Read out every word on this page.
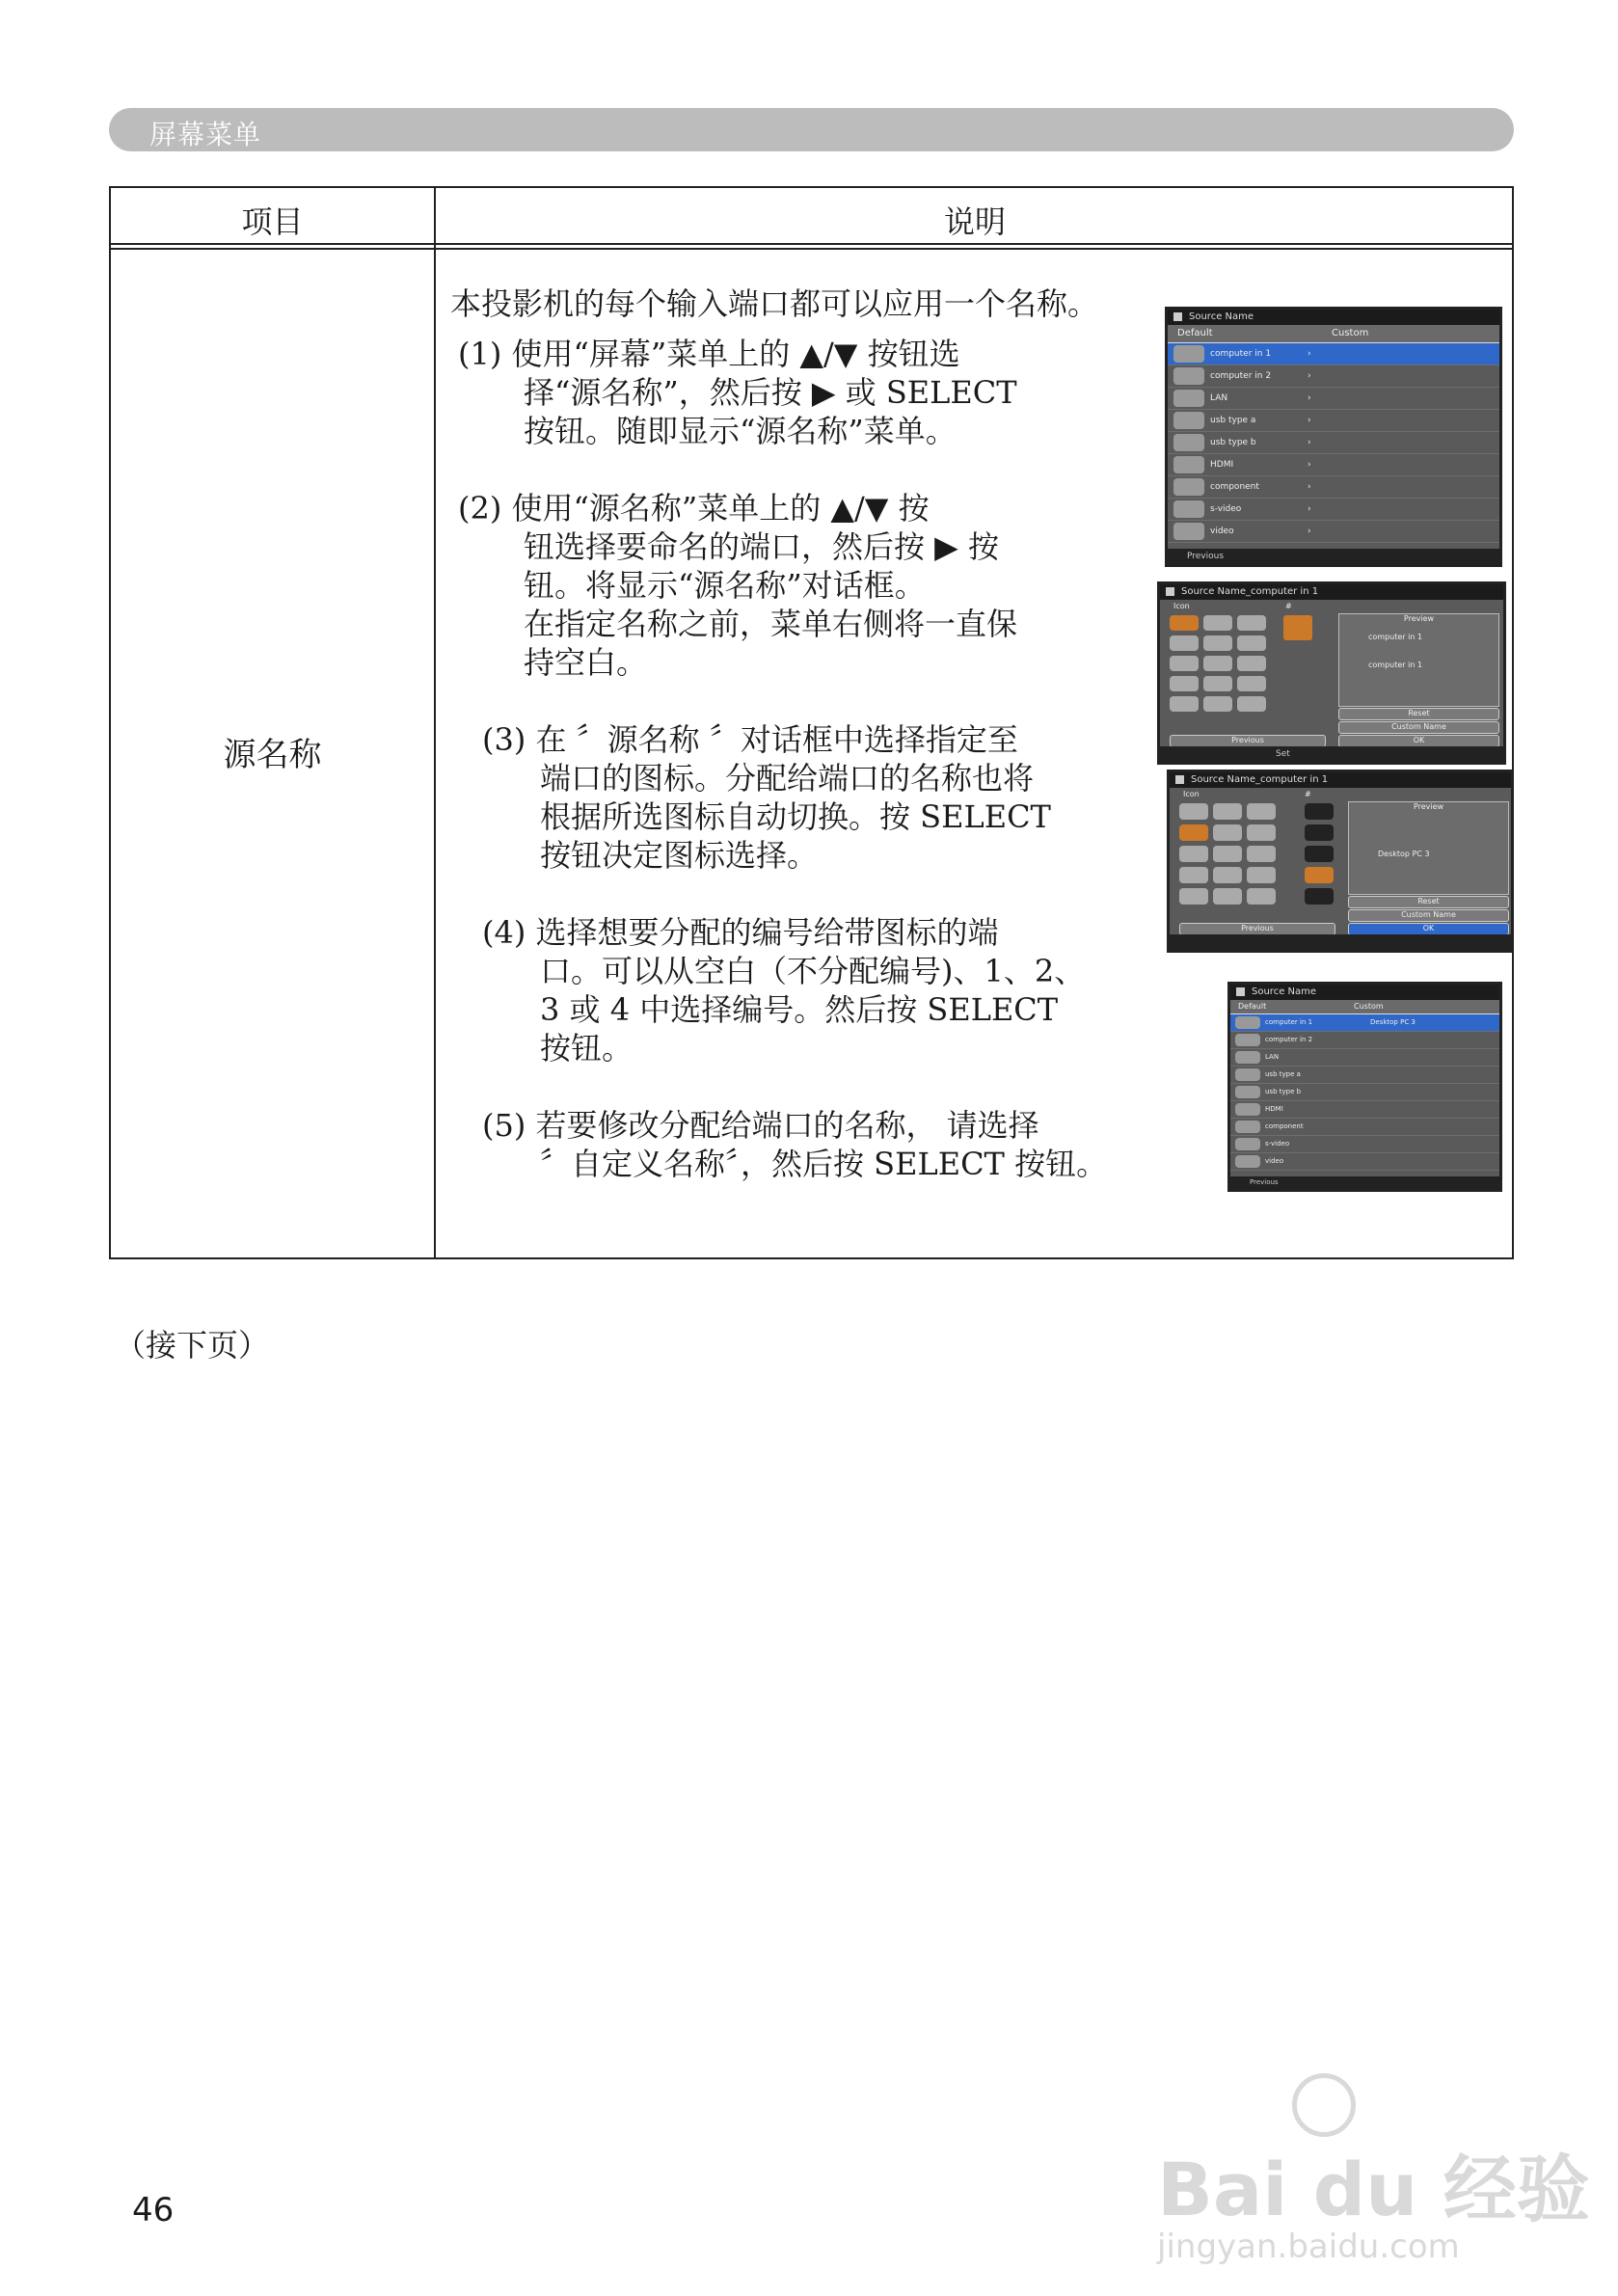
屏幕菜单
项目	说明
源名称
本投影机的每个输入端口都可以应用一个名称。
(1) 使用“屏幕”菜单上的 ▲/▼ 按钮选
择“源名称”，然后按 ▶ 或 SELECT
按钮。随即显示“源名称”菜单。
(2) 使用“源名称”菜单上的 ▲/▼ 按
钮选择要命名的端口，然后按 ▶ 按
钮。将显示“源名称”对话框。
在指定名称之前，菜单右侧将一直保
持空白。
(3) 在 〞源名称 〞对话框中选择指定至
端口的图标。分配给端口的名称也将
根据所选图标自动切换。按 SELECT
按钮决定图标选择。
(4) 选择想要分配的编号给带图标的端
口。可以从空白（不分配编号)、1、2、
3 或 4 中选择编号。然后按 SELECT
按钮。
(5) 若要修改分配给端口的名称， 请选择
〞自定义名称〞，然后按 SELECT 按钮。
Source Name
Default	Custom
computer in 1	›
computer in 2	›
LAN	›
usb type a	›
usb type b	›
HDMI	›
component	›
s-video	›
video	›
Previous
Source Name_computer in 1
Icon	#
Preview
computer in 1
computer in 1
Reset
Custom Name
Previous	OK
Set
Source Name_computer in 1
Icon	#
Preview
Desktop PC 3
Reset
Custom Name
Previous	OK
Source Name
Default	Custom
computer in 1	Desktop PC 3
computer in 2
LAN
usb type a
usb type b
HDMI
component
s-video
video
Previous
（接下页）
46	Bai du 经验
jingyan.baidu.com
